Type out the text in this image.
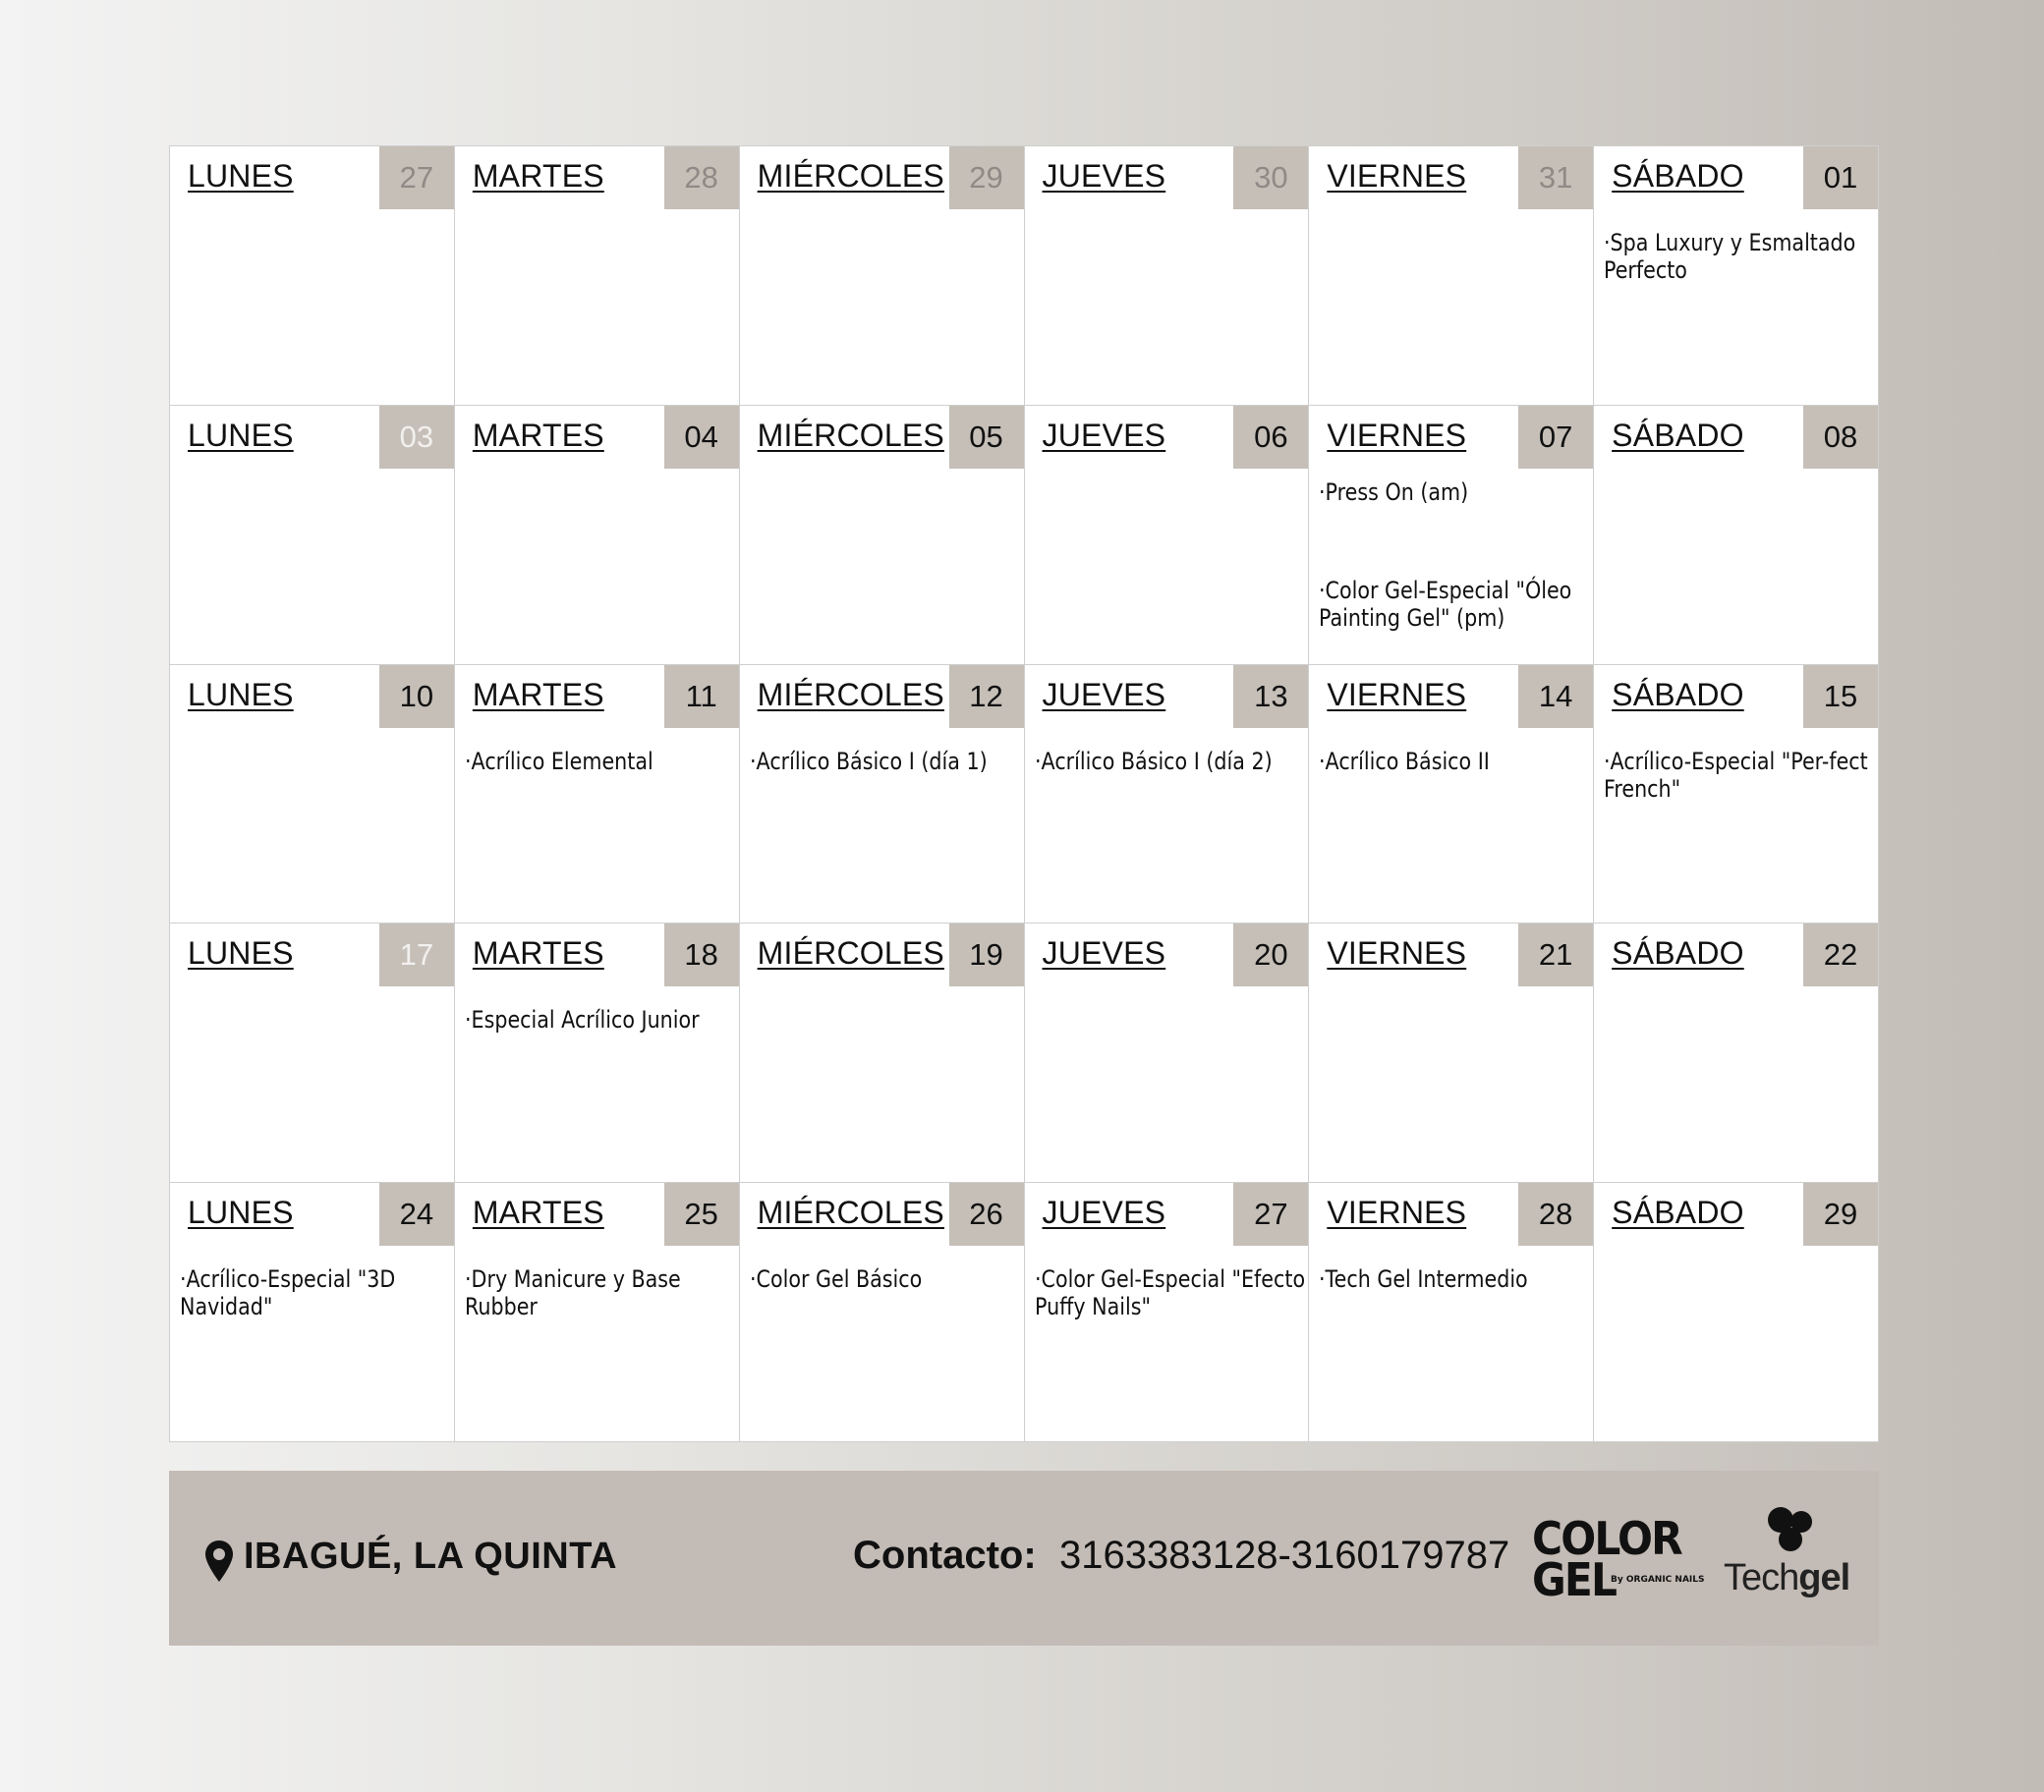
LUNES	27	MARTES	28	MIÉRCOLES 29	JUEVES	30	VIERNES	31	SÁBADO	01
·Spa Luxury y Esmaltado Perfecto
LUNES	03	MARTES	04	MIÉRCOLES 05	JUEVES	06	VIERNES	07
·Press On (am)
·Color Gel-Especial "Óleo Painting Gel" (pm)
SÁBADO	08
LUNES	10	MARTES	11
·Acrílico Elemental
MIÉRCOLES 12
·Acrílico Básico I (día 1)
JUEVES	13
·Acrílico Básico I (día 2)
VIERNES	14
·Acrílico Básico II
SÁBADO	15
·Acrílico-Especial "Per-fect French"
LUNES	17	MARTES	18
·Especial Acrílico Junior
MIÉRCOLES 19	JUEVES	20	VIERNES	21	SÁBADO	22
LUNES	24
·Acrílico-Especial "3D Navidad"
MARTES	25
·Dry Manicure y Base Rubber
MIÉRCOLES 26
·Color Gel Básico
JUEVES	27
·Color Gel-Especial "Efecto Puffy Nails"
VIERNES	28
·Tech Gel Intermedio
SÁBADO	29
IBAGUÉ, LA QUINTA	Contacto: 3163383128-3160179787 COLOR
GEL
By ORGANIC NAILS Techgel
